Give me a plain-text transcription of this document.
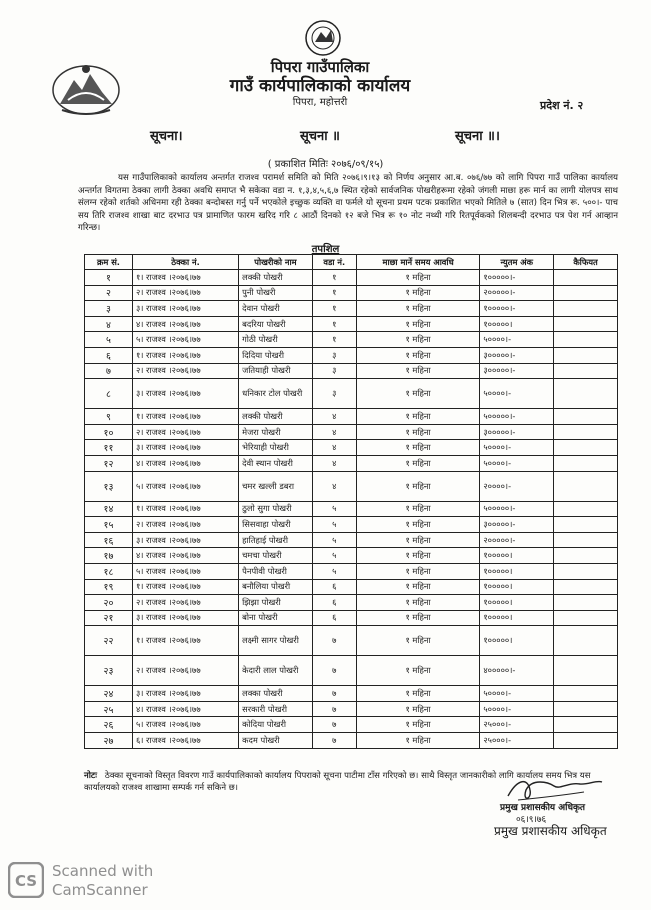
पिपरा गाउँपालिका
गाउँ कार्यपालिकाको कार्यालय
पिपरा, महोत्तरी	प्रदेश नं. २
सूचना।	सूचना ॥	सूचना ॥।
( प्रकाशित मितिः २०७६/०९/१५)
यस गाउँपालिकाको कार्यालय अन्तर्गत राजश्व परामर्श समिति को मिति २०७६।९।१३ को निर्णय अनुसार आ.ब. ०७६/७७ को लागि पिपरा गाउँ पालिका कार्यालय अन्तर्गत विगतमा ठेक्का लागी ठेक्का अवधि समाप्त भै सकेका वडा न. १,३,४,५,६,७ स्थित रहेको सार्वजनिक पोखरीहरूमा रहेको जंगली माछा हरू मार्न का लागी योलपत्र साथ संलग्न रहेको शर्तको अधिनमा रही ठेक्का बन्दोबस्त गर्नु पर्ने भएकोले इच्छुक व्यक्ति वा फर्मले यो सूचना प्रथम पटक प्रकाशित भएको मितिले ७ (सात) दिन भित्र रू. ५००।- पाच सय तिरि राजश्व शाखा बाट दरभाउ पत्र प्रामाणित फारम खरिद गरि ८ आठौं दिनको १२ बजे भित्र रू १० नोट नथ्थी गरि रितपूर्वकको शिलबन्दी दरभाउ पत्र पेश गर्न आव्हान गरिन्छ।
तपशिल
क्रम सं.	ठेक्का नं.	पोखरीको नाम	वडा नं.	माछा मार्ने समय आवधि	न्युतम अंक	कैफियत
१	१। राजश्व ।२०७६।७७	लक्की पोखरी	१	१ महिना	१०००००।-	
२	२। राजश्व ।२०७६।७७	पुनी पोखरी	१	१ महिना	२०००००।-	
३	३। राजश्व ।२०७६।७७	देवान पोखरी	१	१ महिना	१०००००।-	
४	४। राजश्व ।२०७६।७७	बदरिया पोखरी	१	१ महिना	१०००००।	
५	५। राजश्व ।२०७६।७७	गोठी पोखरी	१	१ महिना	५००००।-	
६	१। राजश्व ।२०७६।७७	दिदिया पोखरी	३	१ महिना	३०००००।-	
७	२। राजश्व ।२०७६।७७	जतियाही पोखरी	३	१ महिना	३०००००।-	
८	३। राजश्व ।२०७६।७७	धनिकार टोल पोखरी	३	१ महिना	५००००।-	
९	१। राजश्व ।२०७६।७७	लक्की पोखरी	४	१ महिना	५०००००।-	
१०	२। राजश्व ।२०७६।७७	मेजरा पोखरी	४	१ महिना	३०००००।-	
११	३। राजश्व ।२०७६।७७	भेरियाही पोखरी	४	१ महिना	५००००।-	
१२	४। राजश्व ।२०७६।७७	देवी स्थान पोखरी	४	१ महिना	५००००।-	
१३	५। राजश्व ।२०७६।७७	चमर खल्ली डबरा	४	१ महिना	२००००।-	
१४	१। राजश्व ।२०७६।७७	ठुलो सुगा पोखरी	५	१ महिना	५०००००।-	
१५	२। राजश्व ।२०७६।७७	सिसवाहा पोखरी	५	१ महिना	३०००००।-	
१६	३। राजश्व ।२०७६।७७	हातिहाई पोखरी	५	१ महिना	२०००००।-	
१७	४। राजश्व ।२०७६।७७	चमचा पोखरी	५	१ महिना	१०००००।	
१८	५। राजश्व ।२०७६।७७	पैनपीवी पोखरी	५	१ महिना	१०००००।	
१९	१। राजश्व ।२०७६।७७	बनौलिया पोखरी	६	१ महिना	१०००००।	
२०	२। राजश्व ।२०७६।७७	झिझा पोखरी	६	१ महिना	१०००००।	
२१	३। राजश्व ।२०७६।७७	बोना पोखरी	६	१ महिना	१०००००।	
२२	१। राजश्व ।२०७६।७७	लक्ष्मी सागर पोखरी	७	१ महिना	१०००००।	
२३	२। राजश्व ।२०७६।७७	केदारी लाल पोखरी	७	१ महिना	४०००००।-	
२४	३। राजश्व ।२०७६।७७	लक्का पोखरी	७	१ महिना	५००००।-	
२५	४। राजश्व ।२०७६।७७	सरकारी पोखरी	७	१ महिना	५००००।-	
२६	५। राजश्व ।२०७६।७७	कोदिया पोखरी	७	१ महिना	२५०००।-	
२७	६। राजश्व ।२०७६।७७	कदम पोखरी	७	१ महिना	२५०००।-	
नोटः ठेक्का सूचनाको विस्तृत विवरण गाउँ कार्यपालिकाको कार्यालय पिपराको सूचना पाटीमा टाँस गरिएको छ। साथै विस्तृत जानकारीको लागि कार्यालय समय भित्र यस कार्यालयको राजश्व शाखामा सम्पर्क गर्न सकिने छ।
प्रमुख प्रशासकीय अधिकृत
०६।९।७६
प्रमुख प्रशासकीय अधिकृत
CS
Scanned with
CamScanner
